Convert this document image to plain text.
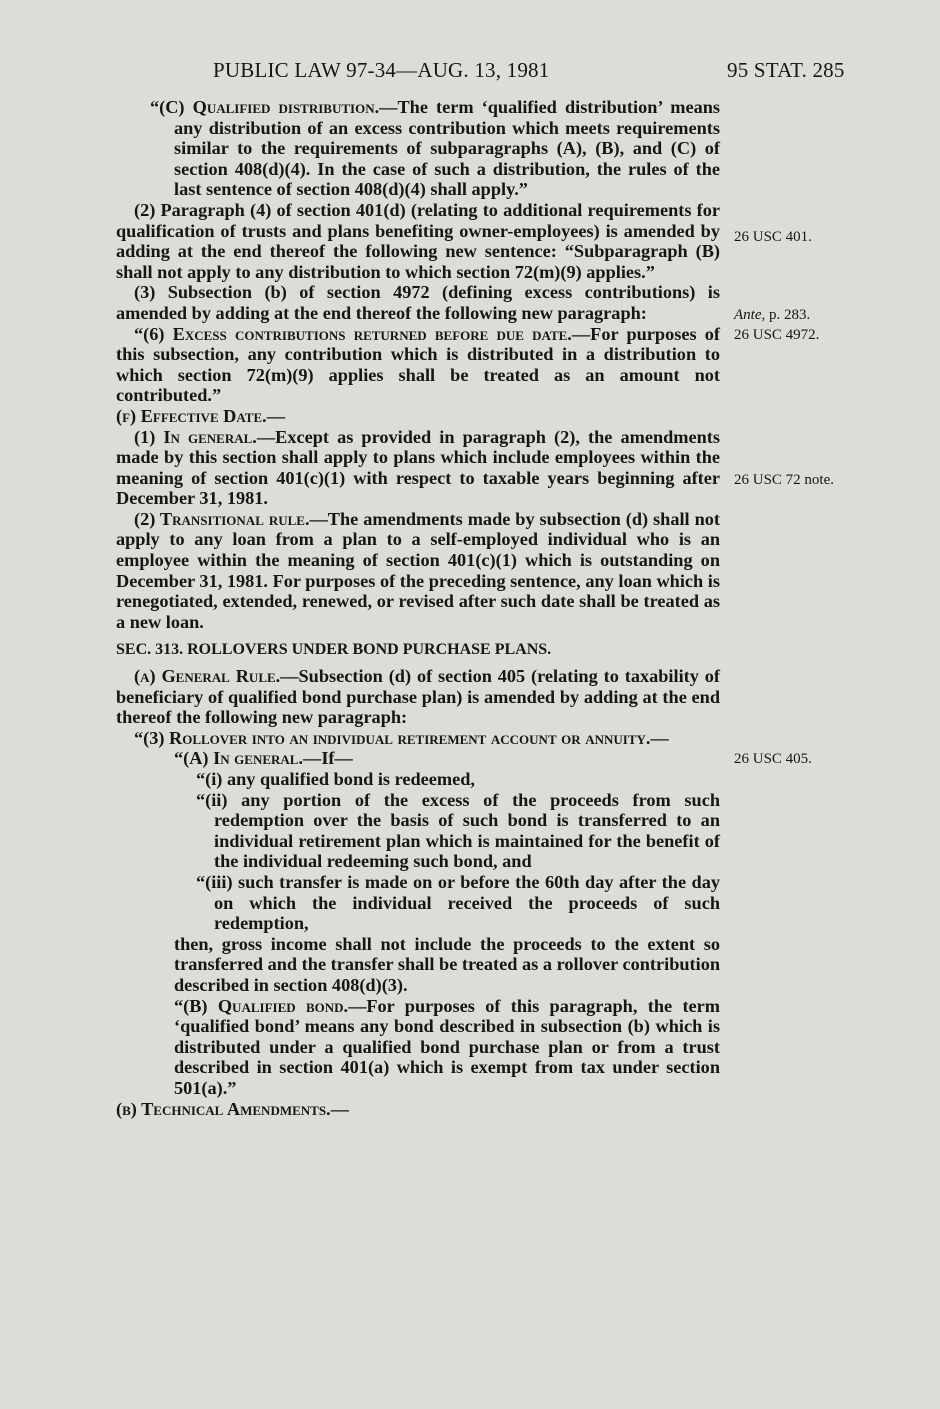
PUBLIC LAW 97-34—AUG. 13, 1981	95 STAT. 285

“(C) Qualified distribution.—The term ‘qualified distribution’ means any distribution of an excess contribution which meets requirements similar to the requirements of subparagraphs (A), (B), and (C) of section 408(d)(4). In the case of such a distribution, the rules of the last sentence of section 408(d)(4) shall apply.”

(2) Paragraph (4) of section 401(d) (relating to additional requirements for qualification of trusts and plans benefiting owner-employees) is amended by adding at the end thereof the following new sentence: “Subparagraph (B) shall not apply to any distribution to which section 72(m)(9) applies.”

(3) Subsection (b) of section 4972 (defining excess contributions) is amended by adding at the end thereof the following new paragraph:

“(6) Excess contributions returned before due date.—For purposes of this subsection, any contribution which is distributed in a distribution to which section 72(m)(9) applies shall be treated as an amount not contributed.”

(f) Effective Date.—

(1) In general.—Except as provided in paragraph (2), the amendments made by this section shall apply to plans which include employees within the meaning of section 401(c)(1) with respect to taxable years beginning after December 31, 1981.

(2) Transitional rule.—The amendments made by subsection (d) shall not apply to any loan from a plan to a self-employed individual who is an employee within the meaning of section 401(c)(1) which is outstanding on December 31, 1981. For purposes of the preceding sentence, any loan which is renegotiated, extended, renewed, or revised after such date shall be treated as a new loan.

SEC. 313. ROLLOVERS UNDER BOND PURCHASE PLANS.

(a) General Rule.—Subsection (d) of section 405 (relating to taxability of beneficiary of qualified bond purchase plan) is amended by adding at the end thereof the following new paragraph:

“(3) Rollover into an individual retirement account or annuity.—

“(A) In general.—If—

“(i) any qualified bond is redeemed,

“(ii) any portion of the excess of the proceeds from such redemption over the basis of such bond is transferred to an individual retirement plan which is maintained for the benefit of the individual redeeming such bond, and

“(iii) such transfer is made on or before the 60th day after the day on which the individual received the proceeds of such redemption,

then, gross income shall not include the proceeds to the extent so transferred and the transfer shall be treated as a rollover contribution described in section 408(d)(3).

“(B) Qualified bond.—For purposes of this paragraph, the term ‘qualified bond’ means any bond described in subsection (b) which is distributed under a qualified bond purchase plan or from a trust described in section 401(a) which is exempt from tax under section 501(a).”

(b) Technical Amendments.—

26 USC 401.
Ante, p. 283.
26 USC 4972.
26 USC 72 note.
26 USC 405.
